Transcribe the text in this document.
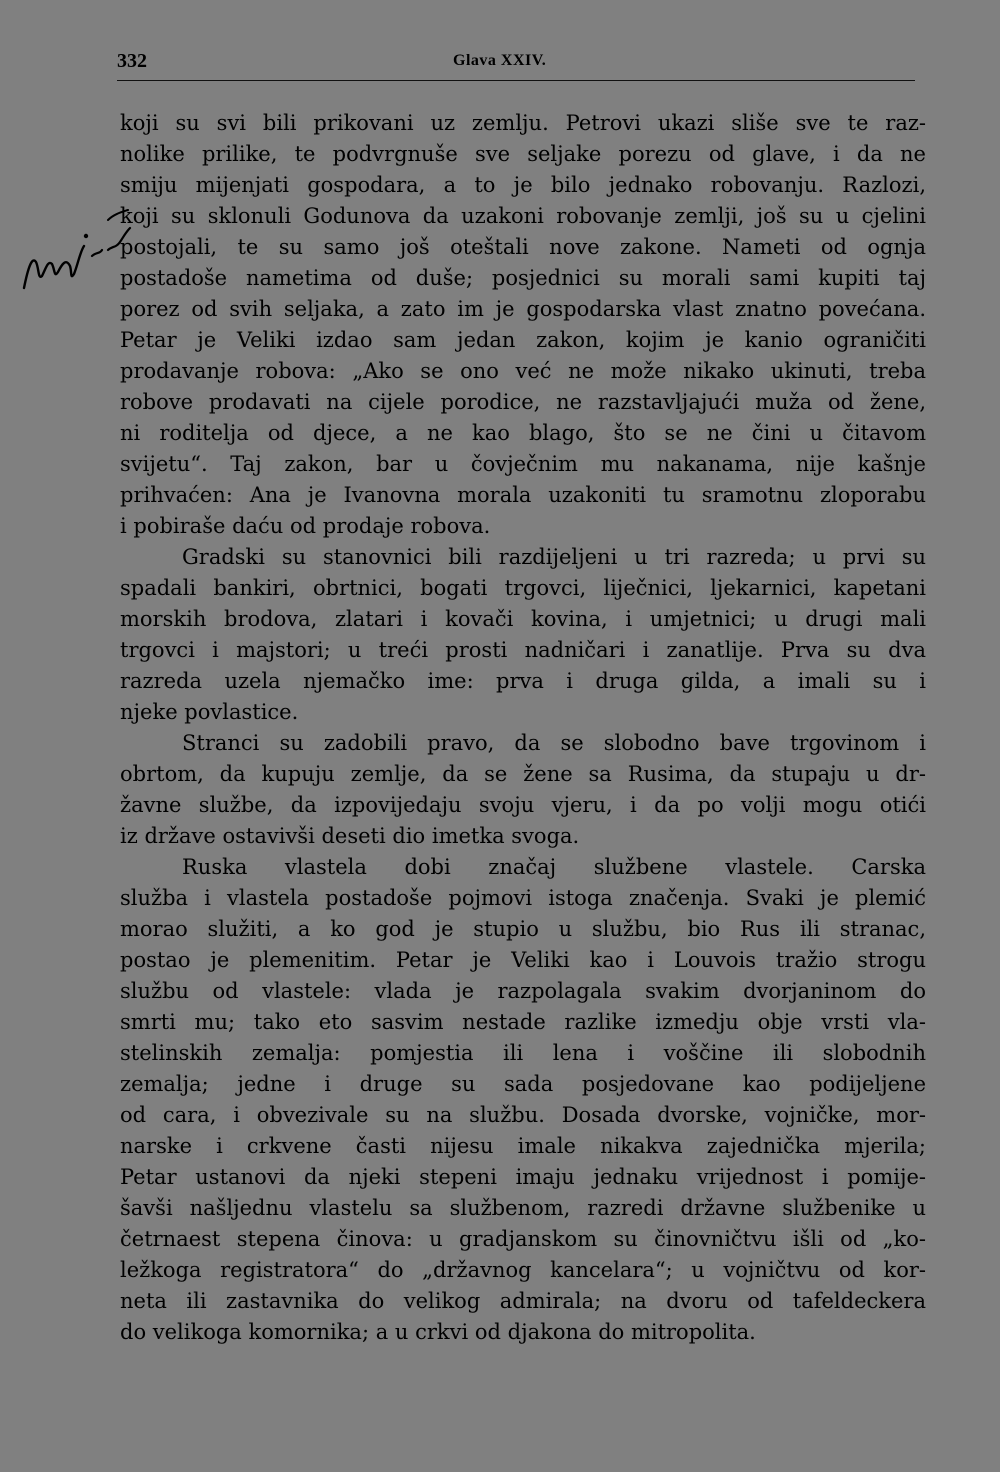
332	Glava XXIV.
koji su svi bili prikovani uz zemlju. Petrovi ukazi sliše sve te raz-
nolike prilike, te podvrgnuše sve seljake porezu od glave, i da ne
smiju mijenjati gospodara, a to je bilo jednako robovanju. Razlozi,
koji su sklonuli Godunova da uzakoni robovanje zemlji, još su u cjelini
postojali, te su samo još oteštali nove zakone. Nameti od ognja
postadoše nametima od duše; posjednici su morali sami kupiti taj
porez od svih seljaka, a zato im je gospodarska vlast znatno povećana.
Petar je Veliki izdao sam jedan zakon, kojim je kanio ograničiti
prodavanje robova: „Ako se ono već ne može nikako ukinuti, treba
robove prodavati na cijele porodice, ne razstavljajući muža od žene,
ni roditelja od djece, a ne kao blago, što se ne čini u čitavom
svijetu“. Taj zakon, bar u čovječnim mu nakanama, nije kašnje
prihvaćen: Ana je Ivanovna morala uzakoniti tu sramotnu zloporabu
i pobiraše daću od prodaje robova.
Gradski su stanovnici bili razdijeljeni u tri razreda; u prvi su
spadali bankiri, obrtnici, bogati trgovci, liječnici, ljekarnici, kapetani
morskih brodova, zlatari i kovači kovina, i umjetnici; u drugi mali
trgovci i majstori; u treći prosti nadničari i zanatlije. Prva su dva
razreda uzela njemačko ime: prva i druga gilda, a imali su i
njeke povlastice.
Stranci su zadobili pravo, da se slobodno bave trgovinom i
obrtom, da kupuju zemlje, da se žene sa Rusima, da stupaju u dr-
žavne službe, da izpovijedaju svoju vjeru, i da po volji mogu otići
iz države ostavivši deseti dio imetka svoga.
Ruska vlastela dobi značaj službene vlastele. Carska
služba i vlastela postadoše pojmovi istoga značenja. Svaki je plemić
morao služiti, a ko god je stupio u službu, bio Rus ili stranac,
postao je plemenitim. Petar je Veliki kao i Louvois tražio strogu
službu od vlastele: vlada je razpolagala svakim dvorjaninom do
smrti mu; tako eto sasvim nestade razlike izmedju obje vrsti vla-
stelinskih zemalja: pomjestia ili lena i voščine ili slobodnih
zemalja; jedne i druge su sada posjedovane kao podijeljene
od cara, i obvezivale su na službu. Dosada dvorske, vojničke, mor-
narske i crkvene časti nijesu imale nikakva zajednička mjerila;
Petar ustanovi da njeki stepeni imaju jednaku vrijednost i pomije-
šavši našljednu vlastelu sa službenom, razredi državne službenike u
četrnaest stepena činova: u gradjanskom su činovničtvu išli od „ko-
ležkoga registratora“ do „državnog kancelara“; u vojničtvu od kor-
neta ili zastavnika do velikog admirala; na dvoru od tafeldeckera
do velikoga komornika; a u crkvi od djakona do mitropolita.
